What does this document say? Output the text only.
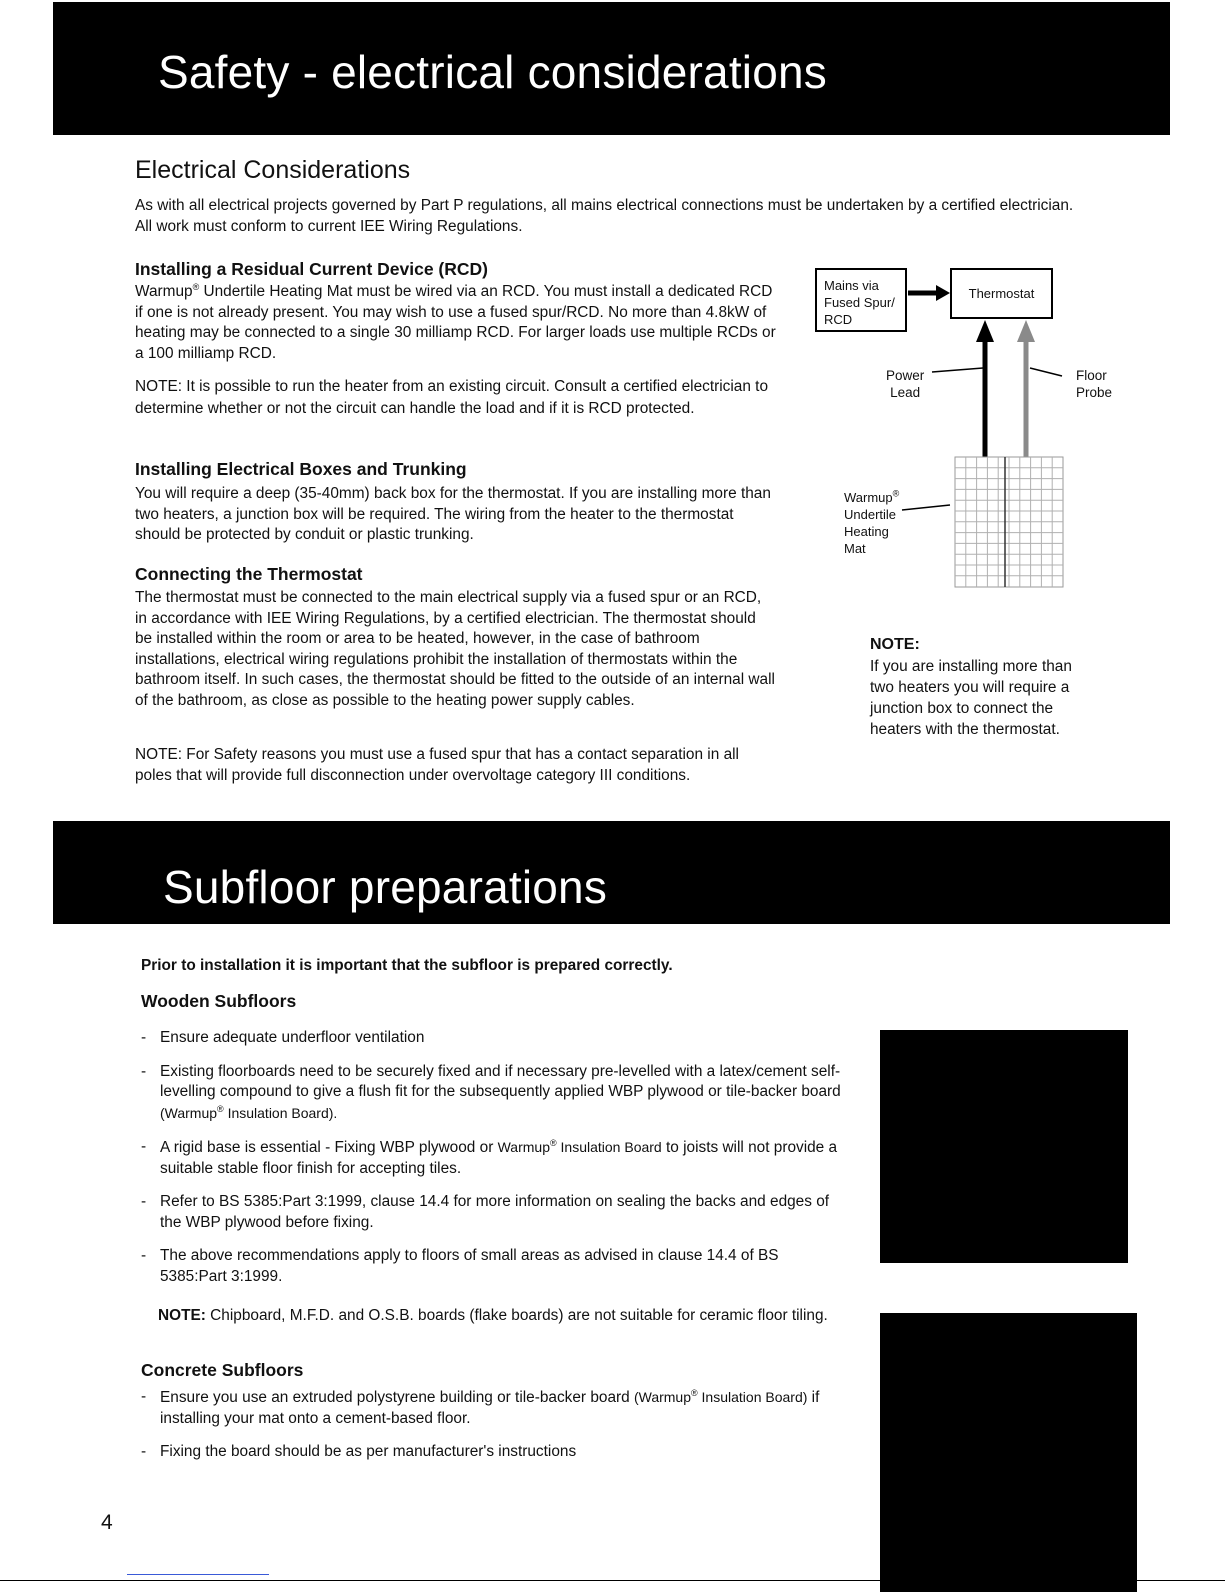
Safety - electrical considerations
Electrical Considerations
As with all electrical projects governed by Part P regulations, all mains electrical connections must be undertaken by a certified electrician. All work must conform to current IEE Wiring Regulations.
Installing a Residual Current Device (RCD)
Warmup® Undertile Heating Mat must be wired via an RCD. You must install a dedicated RCD if one is not already present. You may wish to use a fused spur/RCD. No more than 4.8kW of heating may be connected to a single 30 milliamp RCD. For larger loads use multiple RCDs or a 100 milliamp RCD.
NOTE: It is possible to run the heater from an existing circuit. Consult a certified electrician to determine whether or not the circuit can handle the load and if it is RCD protected.
Installing Electrical Boxes and Trunking
You will require a deep (35-40mm) back box for the thermostat. If you are installing more than two heaters, a junction box will be required. The wiring from the heater to the thermostat should be protected by conduit or plastic trunking.
Connecting the Thermostat
The thermostat must be connected to the main electrical supply via a fused spur or an RCD, in accordance with IEE Wiring Regulations, by a certified electrician. The thermostat should be installed within the room or area to be heated, however, in the case of bathroom installations, electrical wiring regulations prohibit the installation of thermostats within the bathroom itself. In such cases, the thermostat should be fitted to the outside of an internal wall of the bathroom, as close as possible to the heating power supply cables.
NOTE: For Safety reasons you must use a fused spur that has a contact separation in all poles that will provide full disconnection under overvoltage category III conditions.
Mains via
Fused Spur/
RCD
Thermostat
Power
Lead
Floor
Probe
Warmup®
Undertile
Heating
Mat
NOTE:
If you are installing more than two heaters you will require a junction box to connect the heaters with the thermostat.
Subfloor preparations
Prior to installation it is important that the subfloor is prepared correctly.
Wooden Subfloors
- Ensure adequate underfloor ventilation
- Existing floorboards need to be securely fixed and if necessary pre-levelled with a latex/cement self-levelling compound to give a flush fit for the subsequently applied WBP plywood or tile-backer board (Warmup® Insulation Board).
- A rigid base is essential - Fixing WBP plywood or Warmup® Insulation Board to joists will not provide a suitable stable floor finish for accepting tiles.
- Refer to BS 5385:Part 3:1999, clause 14.4 for more information on sealing the backs and edges of the WBP plywood before fixing.
- The above recommendations apply to floors of small areas as advised in clause 14.4 of BS 5385:Part 3:1999.
NOTE: Chipboard, M.F.D. and O.S.B. boards (flake boards) are not suitable for ceramic floor tiling.
Concrete Subfloors
- Ensure you use an extruded polystyrene building or tile-backer board (Warmup® Insulation Board) if installing your mat onto a cement-based floor.
- Fixing the board should be as per manufacturer's instructions
4
